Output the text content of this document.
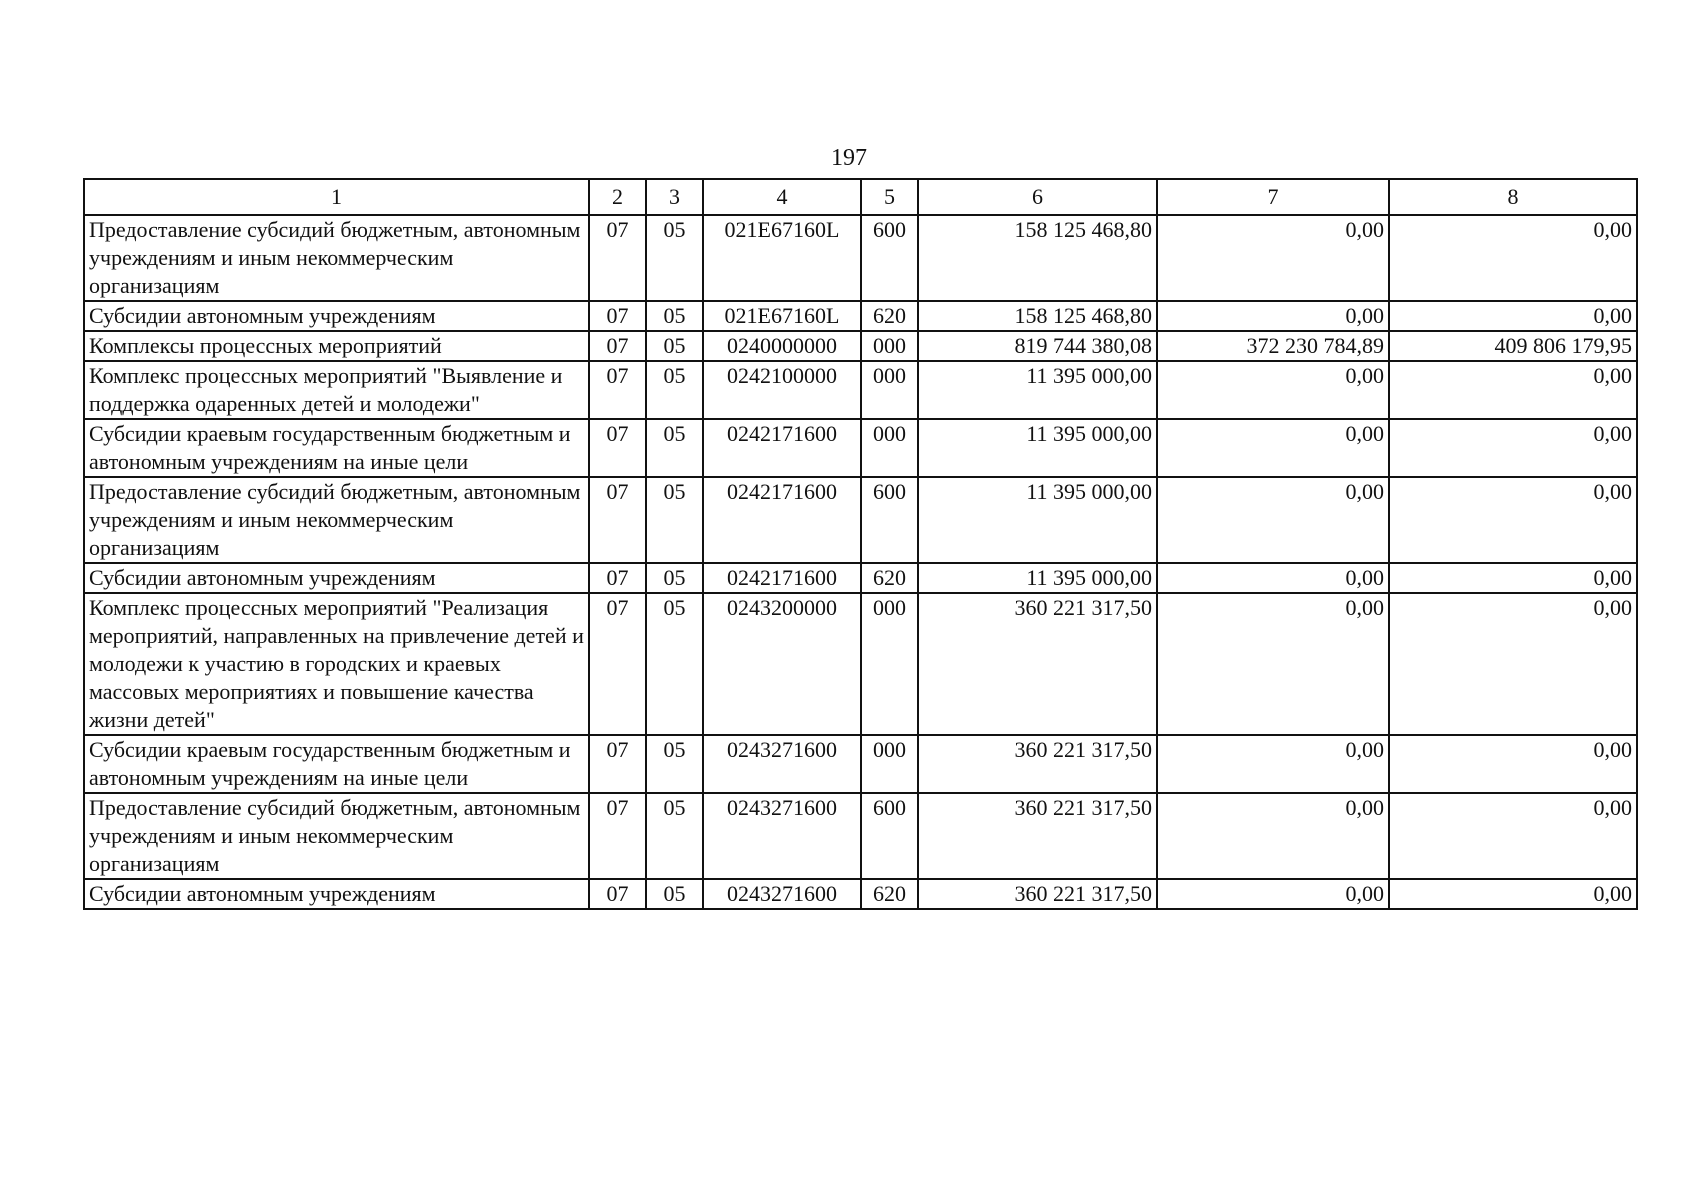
197
1	2	3	4	5	6	7	8
Предоставление субсидий бюджетным, автономным учреждениям и иным некоммерческим организациям	07	05	021E67160L	600	158 125 468,80	0,00	0,00
Субсидии автономным учреждениям	07	05	021E67160L	620	158 125 468,80	0,00	0,00
Комплексы процессных мероприятий	07	05	0240000000	000	819 744 380,08	372 230 784,89	409 806 179,95
Комплекс процессных мероприятий "Выявление и поддержка одаренных детей и молодежи"	07	05	0242100000	000	11 395 000,00	0,00	0,00
Субсидии краевым государственным бюджетным и автономным учреждениям на иные цели	07	05	0242171600	000	11 395 000,00	0,00	0,00
Предоставление субсидий бюджетным, автономным учреждениям и иным некоммерческим организациям	07	05	0242171600	600	11 395 000,00	0,00	0,00
Субсидии автономным учреждениям	07	05	0242171600	620	11 395 000,00	0,00	0,00
Комплекс процессных мероприятий "Реализация мероприятий, направленных на привлечение детей и молодежи к участию в городских и краевых массовых мероприятиях и повышение качества жизни детей"	07	05	0243200000	000	360 221 317,50	0,00	0,00
Субсидии краевым государственным бюджетным и автономным учреждениям на иные цели	07	05	0243271600	000	360 221 317,50	0,00	0,00
Предоставление субсидий бюджетным, автономным учреждениям и иным некоммерческим организациям	07	05	0243271600	600	360 221 317,50	0,00	0,00
Субсидии автономным учреждениям	07	05	0243271600	620	360 221 317,50	0,00	0,00
